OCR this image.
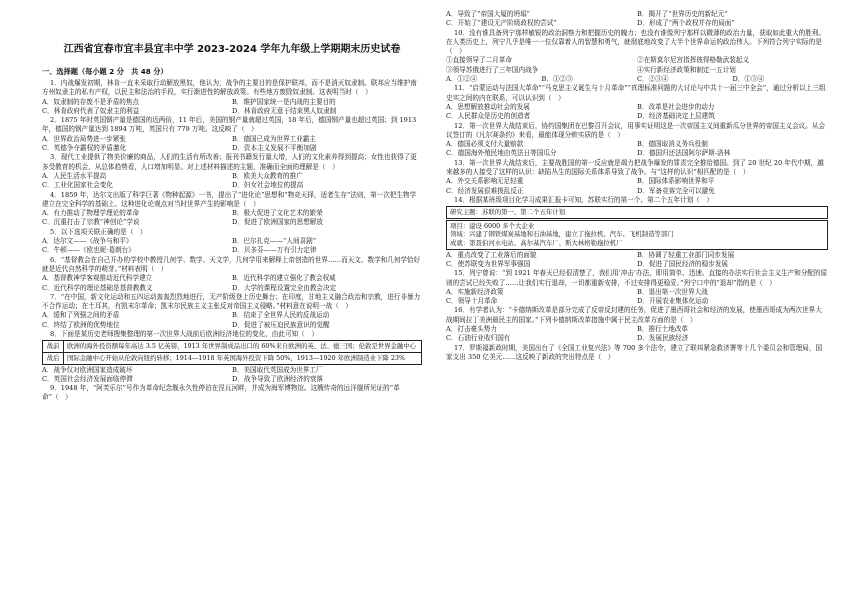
江西省宜春市宜丰县宜丰中学 2023-2024 学年九年级上学期期末历史试卷
一、选择题（每小题 2 分　共 48 分）

1．内战爆发初期，林肯一直未采取行动解放黑奴，他认为，战争的主要目的是保护联邦，而不是消灭奴隶制。联邦应当维护南方州奴隶主的私有产权，以民主和法治的手段，实行渐进性的解放政策。有些地方废除奴隶制。这表明当时（　）

A．奴隶制的存废不是矛盾的焦点	B．维护国家统一是内战的主要目的
C．林肯政府代表了奴隶主的利益	D．林肯政府无意于结束黑人奴隶制

2．1875 年时英国钢产量是德国的近两倍，11 年后，美国的钢产量就超过英国，18 年后，德国钢产量也超过英国；到 1913 年，德国的钢产量达到 1894 万吨，英国只有 779 万吨。这反映了（　）

A．世界政治局势进一步紧张	B．德国已成为世界工业霸主
C．英德争夺霸权的矛盾激化	D．资本主义发展不平衡加剧

3．现代工业提供了物美价廉的商品，人们的生活有所改善；报刊书籍发行量大增，人们的文化素养得到提高；女性也获得了更多受教育的机会，从总体趋势看，人口增加明显。对上述材料描述的主题，准确而全面的理解是（　）

A．人民生活水平提高	B．欧美大众教育的推广
C．工业化国家社会变化	D．妇女社会地位的提高

4．1859 年，达尔文出版了科学巨著《物种起源》一书，提出了“进化论”思想和“物竞天择，适者生存”法则，第一次把生物学建立在完全科学的基础上。这种进化论观点对当时世界产生的影响是（　）

A．有力推动了物理学理论的革命	B．极大促进了文化艺术的繁荣
C．沉重打击了宗教“神创论”学说	D．促进了欧洲国家的思想解放

5．以下选项关联正确的是（　）

A．达尔文——《战争与和平》	B．巴尔扎克——“人间喜剧”
C．牛顿——《欧也妮·葛朗台》	D．贝多芬——万有引力定律

6．“基督教会在自己开办的学校中教授几何学、数学、天文学，几何学用来解释上帝创造的世界……而天文、数学和几何学恰好就是近代自然科学的萌芽。”材料表明（　）

A．基督教神学客观推动近代科学建立	B．近代科学的建立强化了教会权威
C．近代科学的理论基础是基督教教义	D．大学的课程设置完全由教会决定

7．“在中国，新文化运动和五四运动轰轰烈烈地进行，无产阶级登上历史舞台；在印度，甘地主义融合政治和宗教，进行非暴力不合作运动；在土耳其，有凯末尔革命；凯末尔民族主义主张反对帝国主义侵略。”材料意在说明一战（　）

A．缓和了列强之间的矛盾	B．结束了全世界人民的反战运动
C．终结了欧洲的优势地位	D．促进了被压迫民族意识的觉醒

8．下面是某历史老师搜集整理的第一次世界大战前后欧洲经济地位的变化，由此可知（　）

战前	欧洲的海外投资额每年高达 3.5 亿英镑，1913 年世界制成品出口的 60%来自欧洲的英、法、德三国；伦敦是世界金融中心
战后	国际金融中心开始从伦敦向纽约转移；1914—1918 年英国海外投资下降 50%，1913—1920 年欧洲制造业下降 23%
A．战争仅对欧洲国家造成破坏	B．美国取代英国成为世界工厂
C．英国社会经济发展面临停滞	D．战争导致了欧洲经济的衰落

9．1948 年，“阿芙乐尔”号作为革命纪念舰永久性停泊在涅瓦河畔，并成为海军博物馆。这艘传奇的远洋舰所见证的“革命”（　）

A．导致了“帝国大厦的坍塌”	B．揭开了“世界历史的新纪元”
C．开始了“建设无产阶级政权的尝试”	D．形成了“两个政权并存的局面”

10．没有谁具备列宁那样敏锐的政治洞察力和把握历史的魄力；也没有谁像列宁那样以微薄的政治力量，获取如此重大的胜利。在人类历史上，列宁几乎是唯一一位仅靠着人的智慧和勇气，就彻底地改变了大半个世界命运的政治伟人。下列符合列宁实际的是（　）

①直接领导了二月革命	②在斯莫尔尼宫指挥彼得格勒武装起义
③领导苏俄进行了三年国内战争	④实行新经济政策和制定一五计划
A．①②④	B．①②③	C．②③④	D．①③④

11．“启蒙运动与法国大革命”“马克思主义诞生与十月革命”“真理标准问题的大讨论与中共十一届三中全会”，通过分析以上三组史实之间的内在联系，可以认识到（　）

A．思想解放推动社会的发展	B．改革是社会进步的动力
C．人民群众是历史的创造者	D．经济基础决定上层建筑

12．第一次世界大战结束后，协约国集团在巴黎召开会议，用事实证明这是一次帝国主义间重新瓜分世界的帝国主义会议。从会议签订的《凡尔赛条约》来看，最能体现分赃实质的是（　）

A．德国必须支付大量赔款	B．德国取消义务兵役制
C．德国海外殖民地由英法日等国瓜分	D．德国归还法国阿尔萨斯-洛林

13．第一次世界大战结束后，主要战胜国的第一反应就是竭力把战争爆发的罪责完全推给德国。到了 20 世纪 20 年代中期，越来越多的人接受了这样的认识：缺陷丛生的国际关系体系导致了战争。与“这样的认识”相匹配的是（　）

A．外交关系影响无足轻重	B．国际体系影响世界和平
C．经济发展很难拨乱反正	D．军备竞赛完全可以避免

14．根据某班级项目化学习成果汇报卡可知，苏联实行的第一个、第二个五年计划（　）

研究主题：苏联的第一、第二个五年计划
项目：建设 6000 多个大企业
领域：兴建了钢铁煤炭基地和石油基地，建立了拖拉机、汽车、飞机制造等部门
成就：第聂伯河水电站、高尔基汽车厂、斯大林格勒拖拉机厂
A．重点改变了工业落后的面貌	B．协调了轻重工业部门同步发展
C．使苏联变为世界军事强国	D．促进了国民经济的稳步发展

15．列宁曾说：“到 1921 年春天已经很清楚了，我们用‘冲击’办法，即用简单、迅速、直接的办法实行社会主义生产和分配的原则的尝试已经失败了……让我们实行退却，一切都重新安排，不过安排得更稳妥。”列宁口中的“退却”指的是（　）

A．实施新经济政策	B．退出第一次世界大战
C．领导十月革命	D．开展农业集体化运动

16．有学者认为：“卡德纳斯改革是部分完成了反帝反封建的任务，促进了墨西哥社会和经济的发展，使墨西哥成为两次世界大战期间拉丁美洲最民主的国家。”下列卡德纳斯改革措施中属于民主改革方面的是（　）

A．打击豪头势力	B．推行土地改革
C．石油行业收归国有	D．发展民族经济

17．罗斯福新政时期，美国出台了《全国工业复兴法》等 700 多个法令，建立了联邦紧急救济署等十几个委员会和管理局，国家支出 350 亿美元……这反映了新政的突出特点是（　）
